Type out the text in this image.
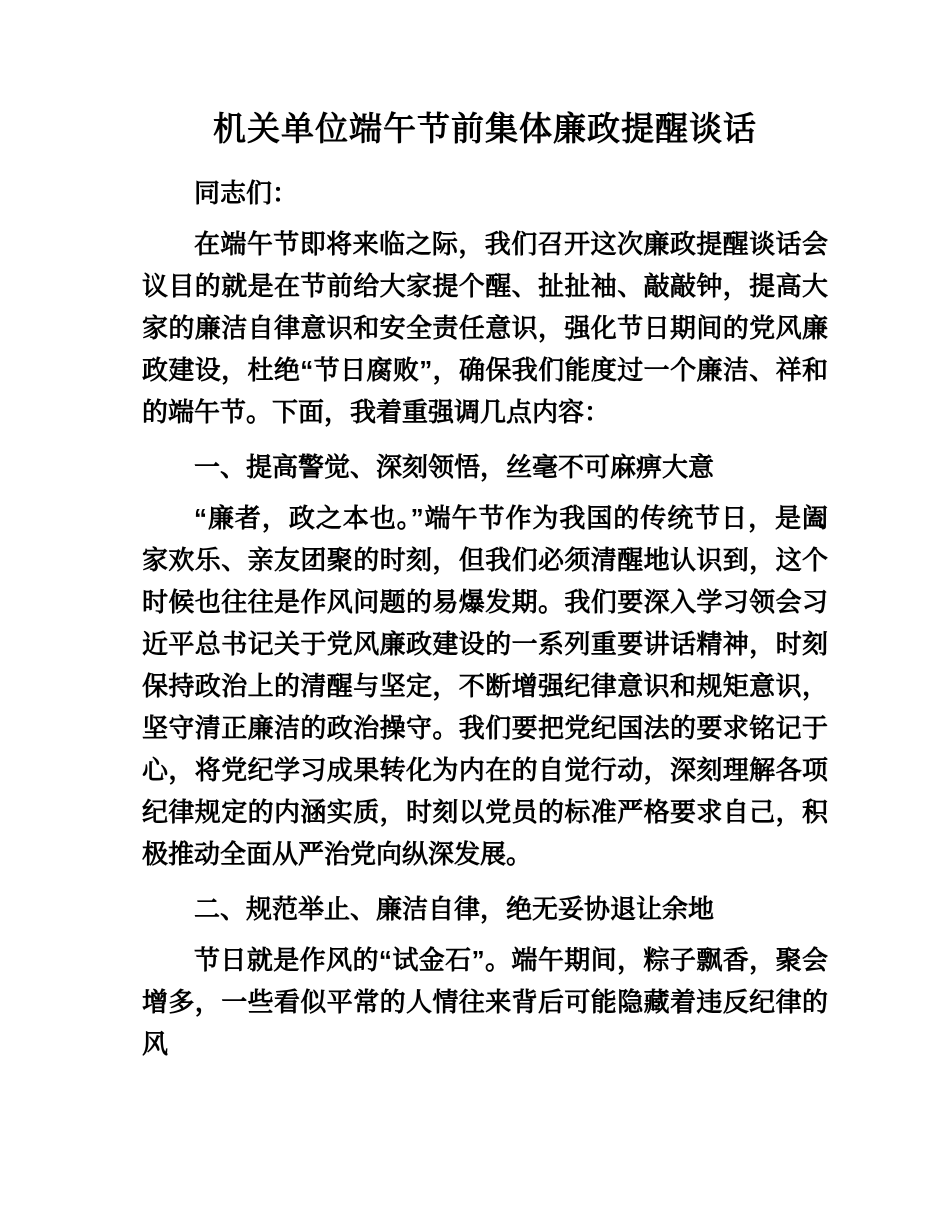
机关单位端午节前集体廉政提醒谈话

同志们：

在端午节即将来临之际，我们召开这次廉政提醒谈话会议目的就是在节前给大家提个醒、扯扯袖、敲敲钟，提高大家的廉洁自律意识和安全责任意识，强化节日期间的党风廉政建设，杜绝“节日腐败”，确保我们能度过一个廉洁、祥和的端午节。下面，我着重强调几点内容：

一、提高警觉、深刻领悟，丝毫不可麻痹大意

“廉者，政之本也。”端午节作为我国的传统节日，是阖家欢乐、亲友团聚的时刻，但我们必须清醒地认识到，这个时候也往往是作风问题的易爆发期。我们要深入学习领会习近平总书记关于党风廉政建设的一系列重要讲话精神，时刻保持政治上的清醒与坚定，不断增强纪律意识和规矩意识，坚守清正廉洁的政治操守。我们要把党纪国法的要求铭记于心，将党纪学习成果转化为内在的自觉行动，深刻理解各项纪律规定的内涵实质，时刻以党员的标准严格要求自己，积极推动全面从严治党向纵深发展。

二、规范举止、廉洁自律，绝无妥协退让余地

节日就是作风的“试金石”。端午期间，粽子飘香，聚会增多，一些看似平常的人情往来背后可能隐藏着违反纪律的风
